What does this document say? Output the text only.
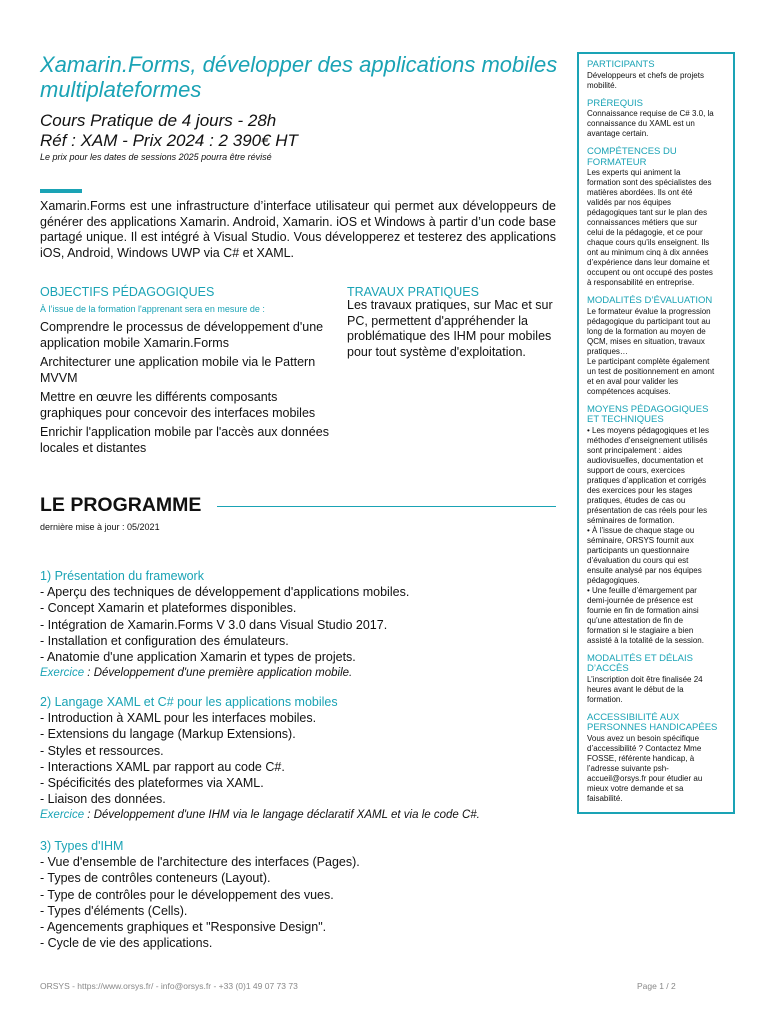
Xamarin.Forms, développer des applications mobiles multiplateformes
Cours Pratique de 4 jours - 28h
Réf : XAM - Prix 2024 : 2 390€ HT
Le prix pour les dates de sessions 2025 pourra être révisé
Xamarin.Forms est une infrastructure d’interface utilisateur qui permet aux développeurs de générer des applications Xamarin. Android, Xamarin. iOS et Windows à partir d’un code base partagé unique. Il est intégré à Visual Studio. Vous développerez et testerez des applications iOS, Android, Windows UWP via C# et XAML.
OBJECTIFS PÉDAGOGIQUES
À l’issue de la formation l'apprenant sera en mesure de :
Comprendre le processus de développement d'une application mobile Xamarin.Forms
Architecturer une application mobile via le Pattern MVVM
Mettre en œuvre les différents composants graphiques pour concevoir des interfaces mobiles
Enrichir l'application mobile par l'accès aux données locales et distantes
TRAVAUX PRATIQUES
Les travaux pratiques, sur Mac et sur PC, permettent d'appréhender la problématique des IHM pour mobiles pour tout système d'exploitation.
LE PROGRAMME
dernière mise à jour : 05/2021
1) Présentation du framework
- Aperçu des techniques de développement d'applications mobiles.
- Concept Xamarin et plateformes disponibles.
- Intégration de Xamarin.Forms V 3.0 dans Visual Studio 2017.
- Installation et configuration des émulateurs.
- Anatomie d'une application Xamarin et types de projets.
Exercice : Développement d'une première application mobile.
2) Langage XAML et C# pour les applications mobiles
- Introduction à XAML pour les interfaces mobiles.
- Extensions du langage (Markup Extensions).
- Styles et ressources.
- Interactions XAML par rapport au code C#.
- Spécificités des plateformes via XAML.
- Liaison des données.
Exercice : Développement d'une IHM via le langage déclaratif XAML et via le code C#.
3) Types d'IHM
- Vue d'ensemble de l'architecture des interfaces (Pages).
- Types de contrôles conteneurs (Layout).
- Type de contrôles pour le développement des vues.
- Types d'éléments (Cells).
- Agencements graphiques et "Responsive Design".
- Cycle de vie des applications.
PARTICIPANTS
Développeurs et chefs de projets
mobilité.
PRÉREQUIS
Connaissance requise de C# 3.0, la
connaissance du XAML est un
avantage certain.
COMPÉTENCES DU
FORMATEUR
Les experts qui animent la
formation sont des spécialistes des
matières abordées. Ils ont été
validés par nos équipes
pédagogiques tant sur le plan des
connaissances métiers que sur
celui de la pédagogie, et ce pour
chaque cours qu’ils enseignent. Ils
ont au minimum cinq à dix années
d’expérience dans leur domaine et
occupent ou ont occupé des postes
à responsabilité en entreprise.
MODALITÉS D’ÉVALUATION
Le formateur évalue la progression
pédagogique du participant tout au
long de la formation au moyen de
QCM, mises en situation, travaux
pratiques…
Le participant complète également
un test de positionnement en amont
et en aval pour valider les
compétences acquises.
MOYENS PÉDAGOGIQUES
ET TECHNIQUES
• Les moyens pédagogiques et les
méthodes d’enseignement utilisés
sont principalement : aides
audiovisuelles, documentation et
support de cours, exercices
pratiques d’application et corrigés
des exercices pour les stages
pratiques, études de cas ou
présentation de cas réels pour les
séminaires de formation.
• À l’issue de chaque stage ou
séminaire, ORSYS fournit aux
participants un questionnaire
d’évaluation du cours qui est
ensuite analysé par nos équipes
pédagogiques.
• Une feuille d’émargement par
demi-journée de présence est
fournie en fin de formation ainsi
qu’une attestation de fin de
formation si le stagiaire a bien
assisté à la totalité de la session.
MODALITÉS ET DÉLAIS
D’ACCÈS
L’inscription doit être finalisée 24
heures avant le début de la
formation.
ACCESSIBILITÉ AUX
PERSONNES HANDICAPÉES
Vous avez un besoin spécifique
d’accessibilité ? Contactez Mme
FOSSE, référente handicap, à
l’adresse suivante psh-
accueil@orsys.fr pour étudier au
mieux votre demande et sa
faisabilité.
ORSYS - https://www.orsys.fr/ - info@orsys.fr - +33 (0)1 49 07 73 73	Page 1 / 2
